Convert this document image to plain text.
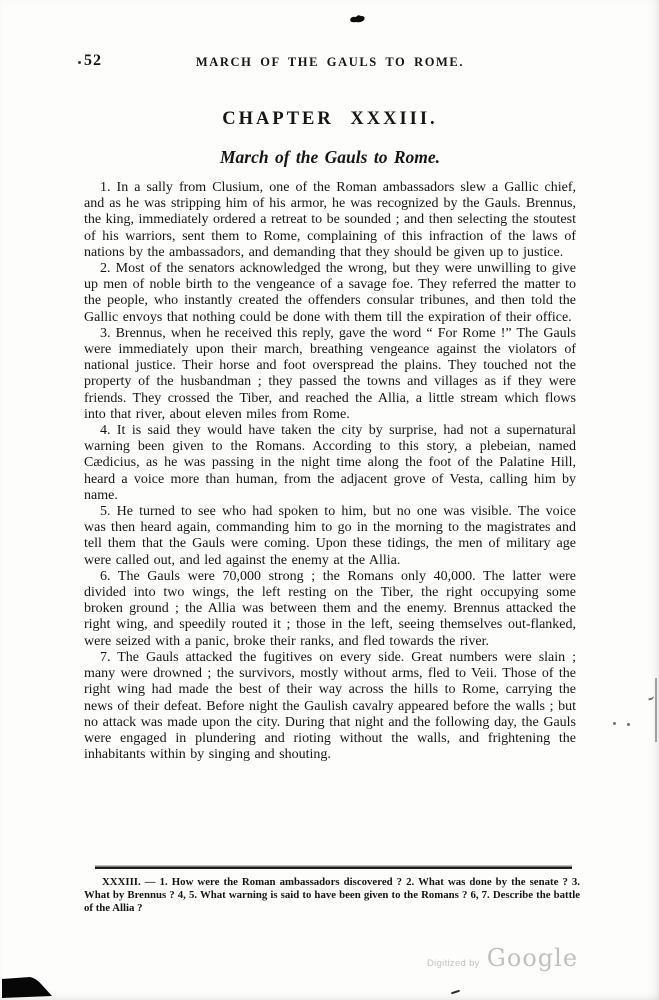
52	MARCH OF THE GAULS TO ROME.
CHAPTER XXXIII.
March of the Gauls to Rome.

1. In a sally from Clusium, one of the Roman ambassadors slew a Gallic chief, and as he was stripping him of his armor, he was recognized by the Gauls. Brennus, the king, immediately ordered a retreat to be sounded ; and then selecting the stoutest of his warriors, sent them to Rome, complaining of this infraction of the laws of nations by the ambassadors, and demanding that they should be given up to justice.

2. Most of the senators acknowledged the wrong, but they were unwilling to give up men of noble birth to the vengeance of a savage foe. They referred the matter to the people, who instantly created the offenders consular tribunes, and then told the Gallic envoys that nothing could be done with them till the expiration of their office.

3. Brennus, when he received this reply, gave the word “ For Rome !” The Gauls were immediately upon their march, breathing vengeance against the violators of national justice. Their horse and foot overspread the plains. They touched not the property of the husbandman ; they passed the towns and villages as if they were friends. They crossed the Tiber, and reached the Allia, a little stream which flows into that river, about eleven miles from Rome.

4. It is said they would have taken the city by surprise, had not a supernatural warning been given to the Romans. According to this story, a plebeian, named Cædicius, as he was passing in the night time along the foot of the Palatine Hill, heard a voice more than human, from the adjacent grove of Vesta, calling him by name.

5. He turned to see who had spoken to him, but no one was visible. The voice was then heard again, commanding him to go in the morning to the magistrates and tell them that the Gauls were coming. Upon these tidings, the men of military age were called out, and led against the enemy at the Allia.

6. The Gauls were 70,000 strong ; the Romans only 40,000. The latter were divided into two wings, the left resting on the Tiber, the right occupying some broken ground ; the Allia was between them and the enemy. Brennus attacked the right wing, and speedily routed it ; those in the left, seeing themselves out-flanked, were seized with a panic, broke their ranks, and fled towards the river.

7. The Gauls attacked the fugitives on every side. Great numbers were slain ; many were drowned ; the survivors, mostly without arms, fled to Veii. Those of the right wing had made the best of their way across the hills to Rome, carrying the news of their defeat. Before night the Gaulish cavalry appeared before the walls ; but no attack was made upon the city. During that night and the following day, the Gauls were engaged in plundering and rioting without the walls, and frightening the inhabitants within by singing and shouting.

XXXIII. — 1. How were the Roman ambassadors discovered ? 2. What was done by the senate ? 3. What by Brennus ? 4, 5. What warning is said to have been given to the Romans ? 6, 7. Describe the battle of the Allia ?
Digitized by Google
